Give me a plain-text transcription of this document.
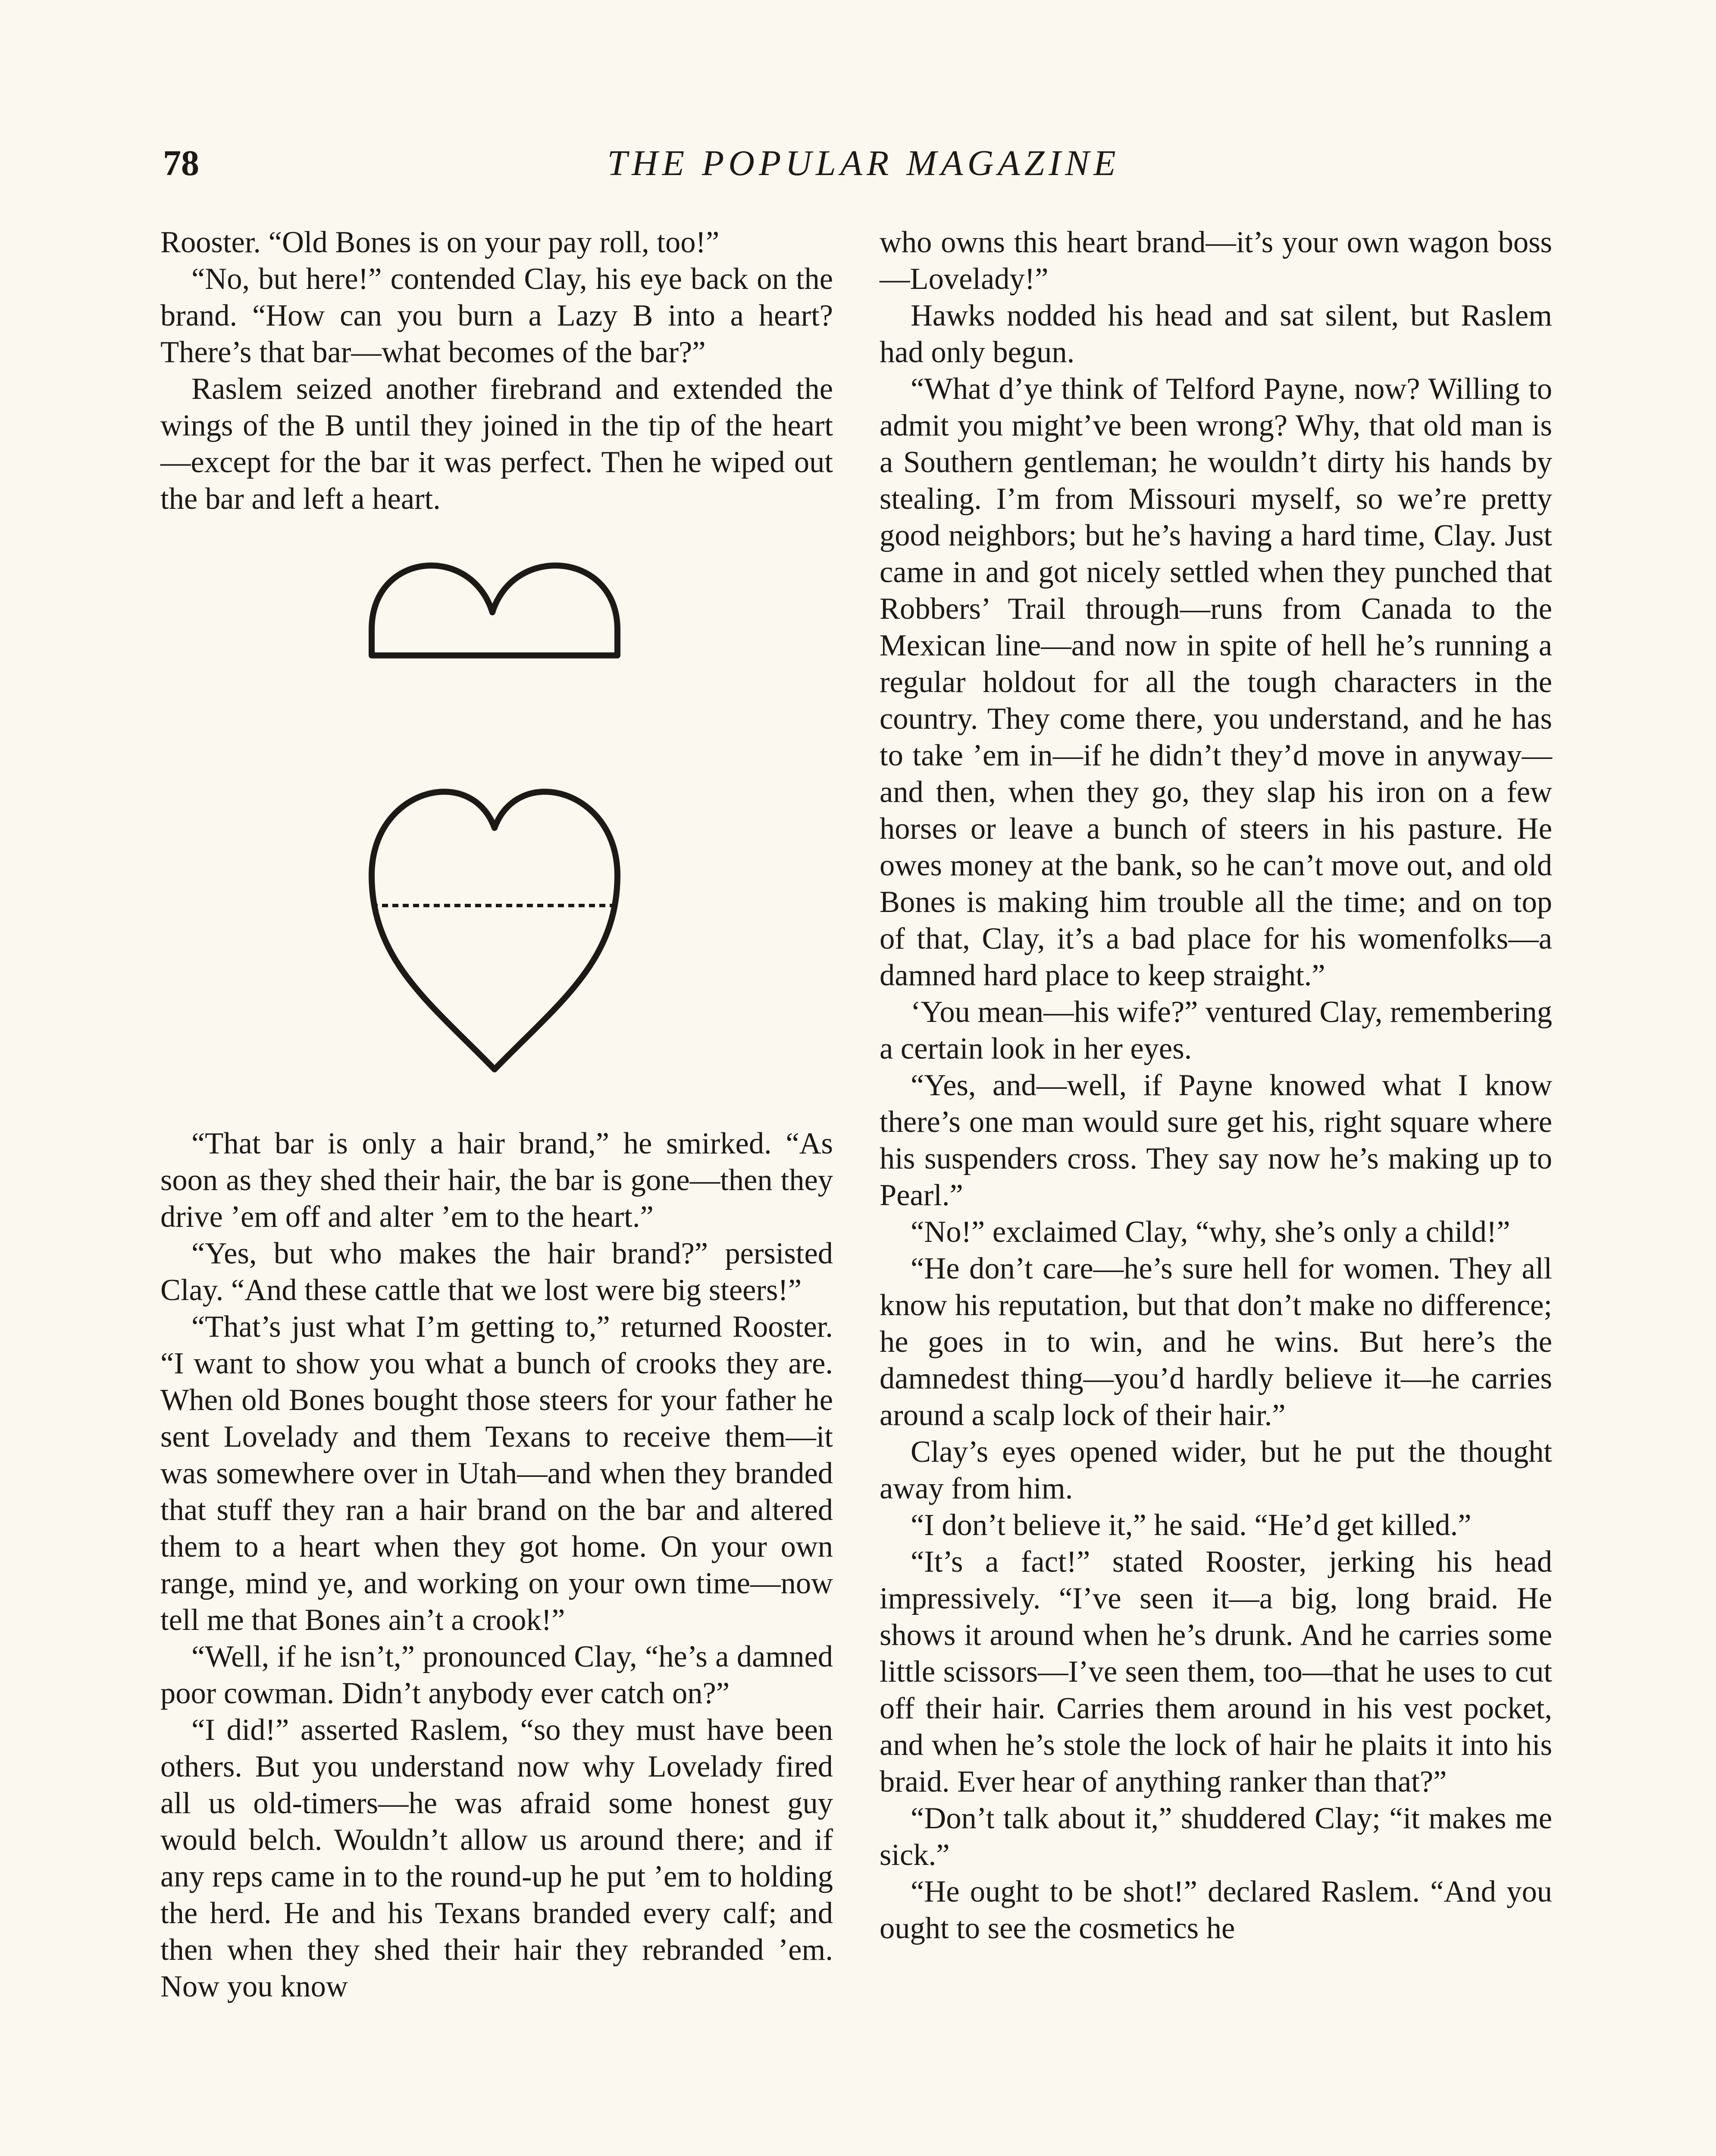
78	THE POPULAR MAGAZINE

Rooster. “Old Bones is on your pay roll, too!”

“No, but here!” contended Clay, his eye back on the brand. “How can you burn a Lazy B into a heart? There’s that bar—what becomes of the bar?”

Raslem seized another firebrand and extended the wings of the B until they joined in the tip of the heart—except for the bar it was perfect. Then he wiped out the bar and left a heart.

“That bar is only a hair brand,” he smirked. “As soon as they shed their hair, the bar is gone—then they drive ’em off and alter ’em to the heart.”

“Yes, but who makes the hair brand?” persisted Clay. “And these cattle that we lost were big steers!”

“That’s just what I’m getting to,” returned Rooster. “I want to show you what a bunch of crooks they are. When old Bones bought those steers for your father he sent Lovelady and them Texans to receive them—it was somewhere over in Utah—and when they branded that stuff they ran a hair brand on the bar and altered them to a heart when they got home. On your own range, mind ye, and working on your own time—now tell me that Bones ain’t a crook!”

“Well, if he isn’t,” pronounced Clay, “he’s a damned poor cowman. Didn’t anybody ever catch on?”

“I did!” asserted Raslem, “so they must have been others. But you understand now why Lovelady fired all us old-timers—he was afraid some honest guy would belch. Wouldn’t allow us around there; and if any reps came in to the round-up he put ’em to holding the herd. He and his Texans branded every calf; and then when they shed their hair they rebranded ’em. Now you know

who owns this heart brand—it’s your own wagon boss—Lovelady!”

Hawks nodded his head and sat silent, but Raslem had only begun.

“What d’ye think of Telford Payne, now? Willing to admit you might’ve been wrong? Why, that old man is a Southern gentleman; he wouldn’t dirty his hands by stealing. I’m from Missouri myself, so we’re pretty good neighbors; but he’s having a hard time, Clay. Just came in and got nicely settled when they punched that Robbers’ Trail through—runs from Canada to the Mexican line—and now in spite of hell he’s running a regular holdout for all the tough characters in the country. They come there, you understand, and he has to take ’em in—if he didn’t they’d move in anyway—and then, when they go, they slap his iron on a few horses or leave a bunch of steers in his pasture. He owes money at the bank, so he can’t move out, and old Bones is making him trouble all the time; and on top of that, Clay, it’s a bad place for his womenfolks—a damned hard place to keep straight.”

‘You mean—his wife?” ventured Clay, remembering a certain look in her eyes.

“Yes, and—well, if Payne knowed what I know there’s one man would sure get his, right square where his suspenders cross. They say now he’s making up to Pearl.”

“No!” exclaimed Clay, “why, she’s only a child!”

“He don’t care—he’s sure hell for women. They all know his reputation, but that don’t make no difference; he goes in to win, and he wins. But here’s the damnedest thing—you’d hardly believe it—he carries around a scalp lock of their hair.”

Clay’s eyes opened wider, but he put the thought away from him.

“I don’t believe it,” he said. “He’d get killed.”

“It’s a fact!” stated Rooster, jerking his head impressively. “I’ve seen it—a big, long braid. He shows it around when he’s drunk. And he carries some little scissors—I’ve seen them, too—that he uses to cut off their hair. Carries them around in his vest pocket, and when he’s stole the lock of hair he plaits it into his braid. Ever hear of anything ranker than that?”

“Don’t talk about it,” shuddered Clay; “it makes me sick.”

“He ought to be shot!” declared Raslem. “And you ought to see the cosmetics he
